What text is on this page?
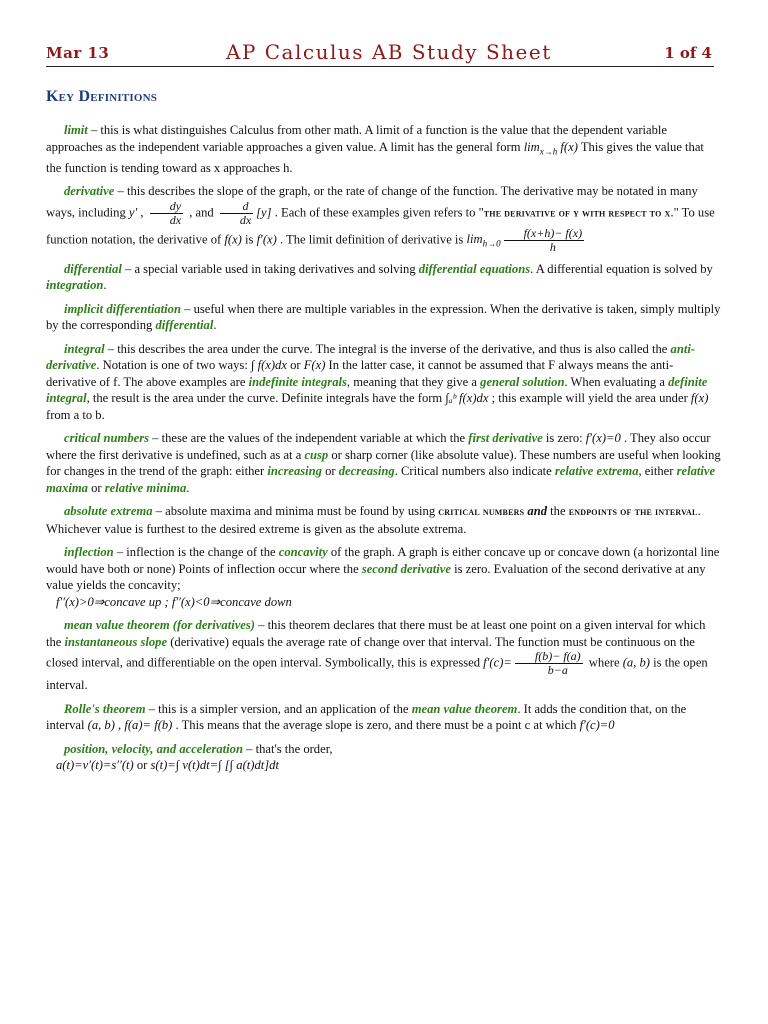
Mar 13	AP Calculus AB Study Sheet	1 of 4
Key Definitions

limit – this is what distinguishes Calculus from other math. A limit of a function is the value that the dependent variable approaches as the independent variable approaches a given value. A limit has the general form $\lim_{x\to h} f(x)$ This gives the value that the function is tending toward as x approaches h.

derivative – this describes the slope of the graph, or the rate of change of the function. The derivative may be notated in many ways, including y′ , $\frac{dy}{dx}$ , and $\frac{d}{dx} [y]$ . Each of these examples given refers to "the derivative of y with respect to x." To use function notation, the derivative of f(x) is f′(x) . The limit definition of derivative is $\lim_{h\to 0} \frac{f(x+h)- f(x)}{h}$

differential – a special variable used in taking derivatives and solving differential equations. A differential equation is solved by integration.

implicit differentiation – useful when there are multiple variables in the expression. When the derivative is taken, simply multiply by the corresponding differential.

integral – this describes the area under the curve. The integral is the inverse of the derivative, and thus is also called the anti-derivative. Notation is one of two ways: ∫ f(x)dx or F(x) In the latter case, it cannot be assumed that F always means the anti-derivative of f. The above examples are indefinite integrals, meaning that they give a general solution. When evaluating a definite integral, the result is the area under the curve. Definite integrals have the form ∫ₐᵇ f(x)dx ; this example will yield the area under f(x) from a to b.

critical numbers – these are the values of the independent variable at which the first derivative is zero: f′(x)=0 . They also occur where the first derivative is undefined, such as at a cusp or sharp corner (like absolute value). These numbers are useful when looking for changes in the trend of the graph: either increasing or decreasing. Critical numbers also indicate relative extrema, either relative maxima or relative minima.

absolute extrema – absolute maxima and minima must be found by using critical numbers and the endpoints of the interval. Whichever value is furthest to the desired extreme is given as the absolute extrema.

inflection – inflection is the change of the concavity of the graph. A graph is either concave up or concave down (a horizontal line would have both or none) Points of inflection occur where the second derivative is zero. Evaluation of the second derivative at any value yields the concavity;
f′′(x)>0⇒concave up ; f′′(x)<0⇒concave down

mean value theorem (for derivatives) – this theorem declares that there must be at least one point on a given interval for which the instantaneous slope (derivative) equals the average rate of change over that interval. The function must be continuous on the closed interval, and differentiable on the open interval. Symbolically, this is expressed $f'(c)= \frac{f(b)- f(a)}{b-a}$ where (a, b) is the open interval.

Rolle's theorem – this is a simpler version, and an application of the mean value theorem. It adds the condition that, on the interval (a, b) , f(a)= f(b) . This means that the average slope is zero, and there must be a point c at which f′(c)=0

position, velocity, and acceleration – that's the order,
a(t)=v′(t)=s′′(t) or s(t)=∫ v(t)dt=∫ [∫ a(t)dt]dt
